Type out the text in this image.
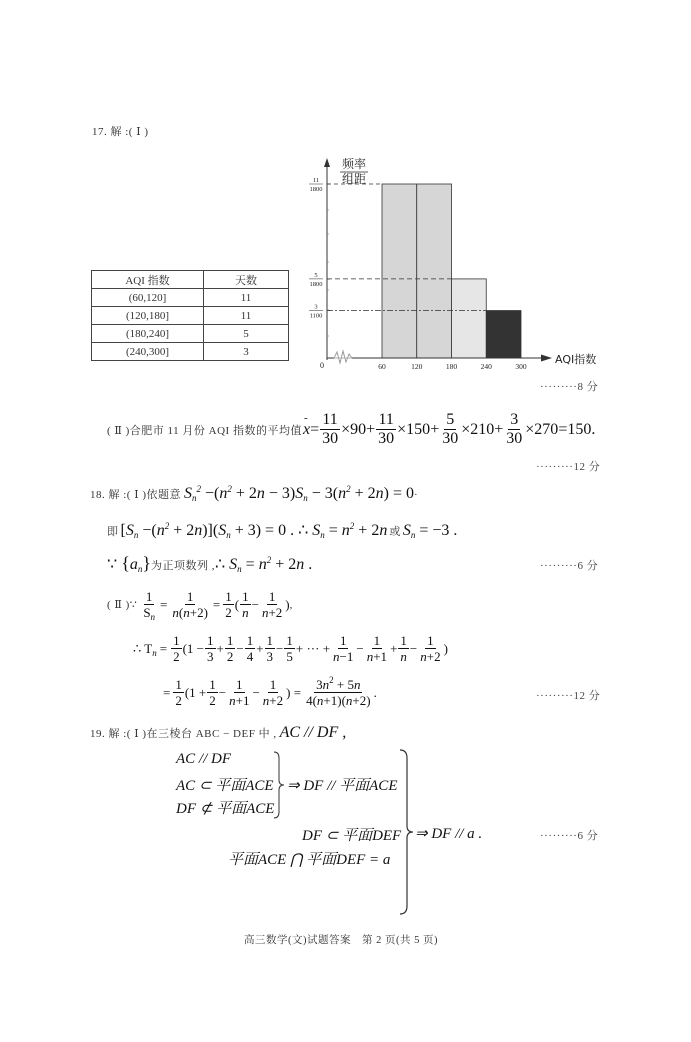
17. 解 :( Ⅰ )
AQI 指数	天数
(60,120]	11
(120,180]	11
(180,240]	5
(240,300]	3
频率
组距
AQI指数
0	60	120	180	240	300
11
1800
5
1800
3
1100
·········8 分
( Ⅱ )合肥市 11 月份 AQI 指数的平均值
-
$x = \frac{11}{30} \times 90 + \frac{11}{30} \times 150 + \frac{5}{30} \times 210 + \frac{3}{30} \times 270 =150$.
·········12 分
18. 解 :( Ⅰ )依题意 $S_n^2 -(n^2 + 2n - 3)S_n - 3(n^2 + 2n) = 0$ ·
即 $[S_n -(n^2 + 2n)](S_n + 3) = 0$ . ∴ $S_n = n^2 + 2n$ 或 $S_n = -3$ .
∵ $\{a_n\}$ 为正项数列 , ∴ $S_n = n^2 + 2n$ .	·········6 分
( Ⅱ )∵ $\frac{1}{S_n} = \frac{1}{n(n+2)} = \frac{1}{2}$ ( $\frac{1}{n} - \frac{1}{n+2}$ ) ,
∴ $T_n = \frac{1}{2} (1 - \frac{1}{3} + \frac{1}{2} - \frac{1}{4} + \frac{1}{3} - \frac{1}{5}$ + ··· + $\frac{1}{n-1} - \frac{1}{n+1} + \frac{1}{n} - \frac{1}{n+2}$ )
= $\frac{1}{2} (1 + \frac{1}{2} - \frac{1}{n+1} - \frac{1}{n+2}$ ) = $\frac{3n^2 + 5n}{4(n+1)(n+2)}$ .	·········12 分
19. 解 :( Ⅰ )在三棱台 ABC − DEF 中 , AC // DF ,
AC // DF
AC ⊂ 平面ACE
DF ⊄ 平面ACE
⇒ DF // 平面ACE
DF ⊂ 平面DEF
平面ACE ⋂ 平面DEF = a
⇒ DF // a .	·········6 分
高三数学(文)试题答案　第 2 页(共 5 页)
